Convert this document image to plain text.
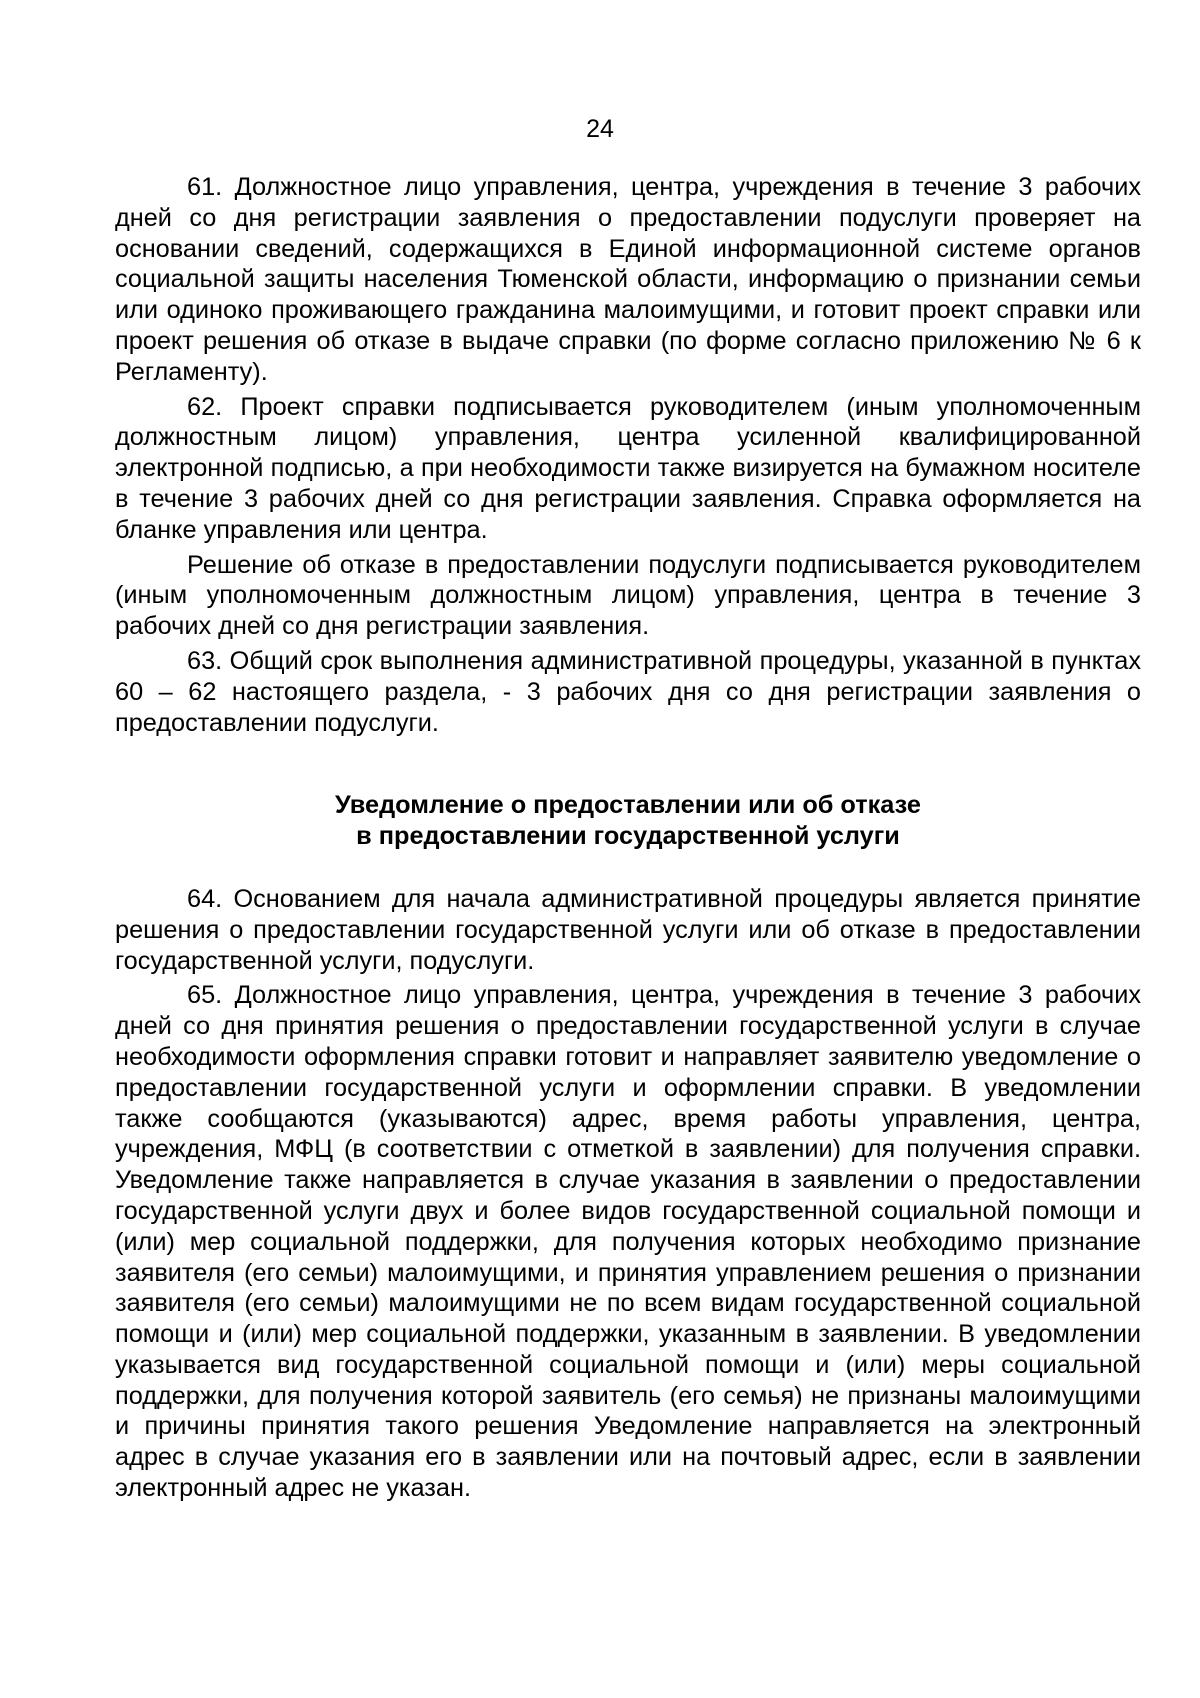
24

61. Должностное лицо управления, центра, учреждения в течение 3 рабочих дней со дня регистрации заявления о предоставлении подуслуги проверяет на основании сведений, содержащихся в Единой информационной системе органов социальной защиты населения Тюменской области, информацию о признании семьи или одиноко проживающего гражданина малоимущими, и готовит проект справки или проект решения об отказе в выдаче справки (по форме согласно приложению № 6 к Регламенту).

62. Проект справки подписывается руководителем (иным уполномоченным должностным лицом) управления, центра усиленной квалифицированной электронной подписью, а при необходимости также визируется на бумажном носителе в течение 3 рабочих дней со дня регистрации заявления. Справка оформляется на бланке управления или центра.

Решение об отказе в предоставлении подуслуги подписывается руководителем (иным уполномоченным должностным лицом) управления, центра в течение 3 рабочих дней со дня регистрации заявления.

63. Общий срок выполнения административной процедуры, указанной в пунктах 60 – 62 настоящего раздела, - 3 рабочих дня со дня регистрации заявления о предоставлении подуслуги.

Уведомление о предоставлении или об отказе
в предоставлении государственной услуги

64. Основанием для начала административной процедуры является принятие решения о предоставлении государственной услуги или об отказе в предоставлении государственной услуги, подуслуги.

65. Должностное лицо управления, центра, учреждения в течение 3 рабочих дней со дня принятия решения о предоставлении государственной услуги в случае необходимости оформления справки готовит и направляет заявителю уведомление о предоставлении государственной услуги и оформлении справки. В уведомлении также сообщаются (указываются) адрес, время работы управления, центра, учреждения, МФЦ (в соответствии с отметкой в заявлении) для получения справки. Уведомление также направляется в случае указания в заявлении о предоставлении государственной услуги двух и более видов государственной социальной помощи и (или) мер социальной поддержки, для получения которых необходимо признание заявителя (его семьи) малоимущими, и принятия управлением решения о признании заявителя (его семьи) малоимущими не по всем видам государственной социальной помощи и (или) мер социальной поддержки, указанным в заявлении. В уведомлении указывается вид государственной социальной помощи и (или) меры социальной поддержки, для получения которой заявитель (его семья) не признаны малоимущими и причины принятия такого решения Уведомление направляется на электронный адрес в случае указания его в заявлении или на почтовый адрес, если в заявлении электронный адрес не указан.
